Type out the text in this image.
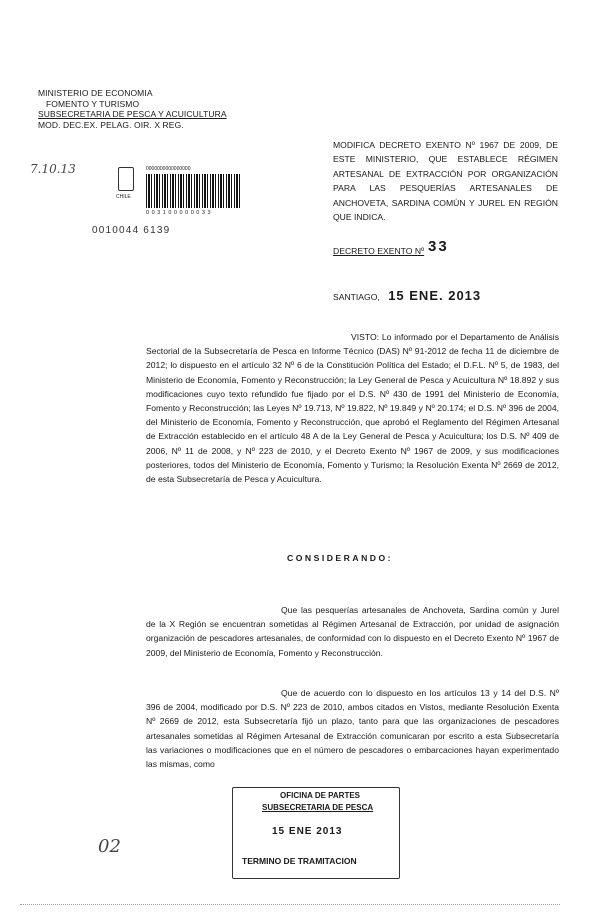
MINISTERIO DE ECONOMIA
FOMENTO Y TURISMO
SUBSECRETARIA DE PESCA Y ACUICULTURA
MOD. DEC.EX. PELAG. OIR. X REG.
7.10.13
CHILE
0000000000000000
0 0 3 1 0 0 0 0 0 0 3 3
0010044 6139
MODIFICA DECRETO EXENTO Nº 1967 DE 2009, DE ESTE MINISTERIO, QUE ESTABLECE RÉGIMEN ARTESANAL DE EXTRACCIÓN POR ORGANIZACIÓN PARA LAS PESQUERÍAS ARTESANALES DE ANCHOVETA, SARDINA COMÚN Y JUREL EN REGIÓN QUE INDICA.
DECRETO EXENTO Nº 33
SANTIAGO, 15 ENE. 2013
VISTO: Lo informado por el Departamento de Análisis Sectorial de la Subsecretaría de Pesca en Informe Técnico (DAS) Nº 91-2012 de fecha 11 de diciembre de 2012; lo dispuesto en el artículo 32 Nº 6 de la Constitución Política del Estado; el D.F.L. Nº 5, de 1983, del Ministerio de Economía, Fomento y Reconstrucción; la Ley General de Pesca y Acuicultura Nº 18.892 y sus modificaciones cuyo texto refundido fue fijado por el D.S. Nº 430 de 1991 del Ministerio de Economía, Fomento y Reconstrucción; las Leyes Nº 19.713, Nº 19.822, Nº 19.849 y Nº 20.174; el D.S. Nº 396 de 2004, del Ministerio de Economía, Fomento y Reconstrucción, que aprobó el Reglamento del Régimen Artesanal de Extracción establecido en el artículo 48 A de la Ley General de Pesca y Acuicultura; los D.S. Nº 409 de 2006, Nº 11 de 2008, y Nº 223 de 2010, y el Decreto Exento Nº 1967 de 2009, y sus modificaciones posteriores, todos del Ministerio de Economía, Fomento y Turismo; la Resolución Exenta Nº 2669 de 2012, de esta Subsecretaría de Pesca y Acuicultura.
CONSIDERANDO:
Que las pesquerías artesanales de Anchoveta, Sardina común y Jurel de la X Región se encuentran sometidas al Régimen Artesanal de Extracción, por unidad de asignación organización de pescadores artesanales, de conformidad con lo dispuesto en el Decreto Exento Nº 1967 de 2009, del Ministerio de Economía, Fomento y Reconstrucción.
Que de acuerdo con lo dispuesto en los artículos 13 y 14 del D.S. Nº 396 de 2004, modificado por D.S. Nº 223 de 2010, ambos citados en Vistos, mediante Resolución Exenta Nº 2669 de 2012, esta Subsecretaría fijó un plazo, tanto para que las organizaciones de pescadores artesanales sometidas al Régimen Artesanal de Extracción comunicaran por escrito a esta Subsecretaría las variaciones o modificaciones que en el número de pescadores o embarcaciones hayan experimentado las mismas, como
OFICINA DE PARTES
SUBSECRETARIA DE PESCA
15 ENE 2013
TERMINO DE TRAMITACION
02
